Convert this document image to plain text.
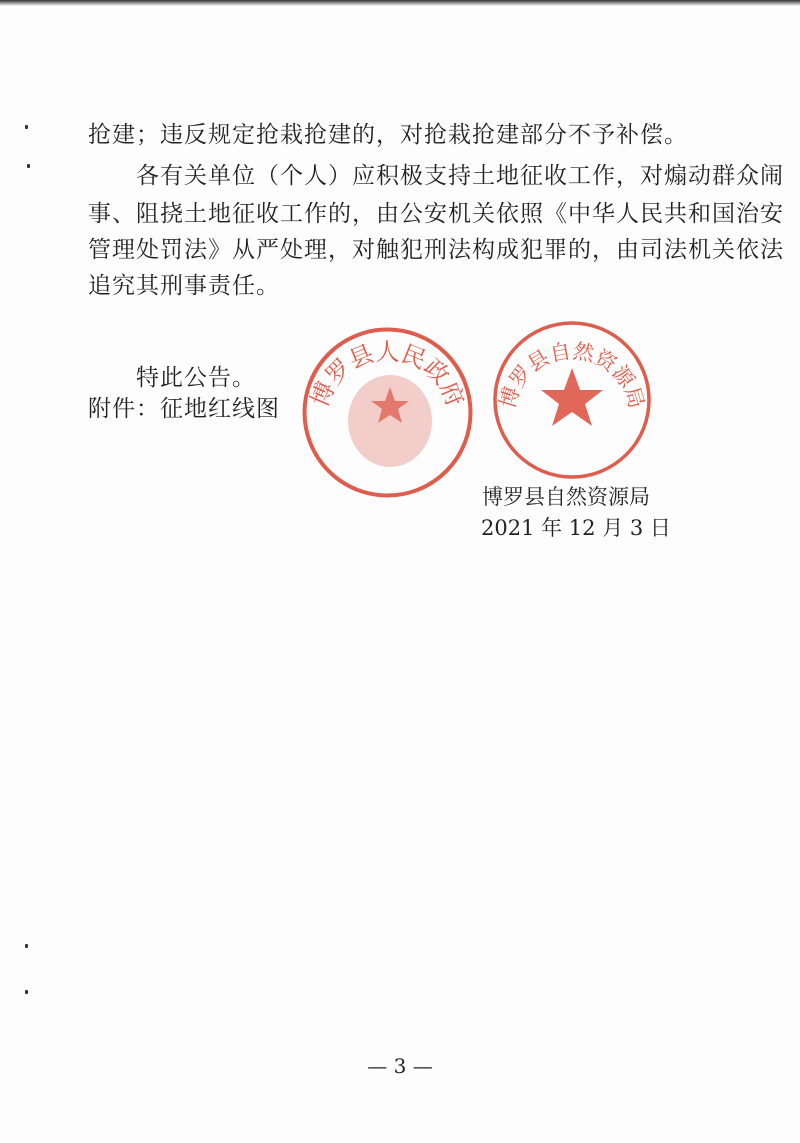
抢建；违反规定抢栽抢建的，对抢栽抢建部分不予补偿。
各有关单位（个人）应积极支持土地征收工作，对煽动群众闹
事、阻挠土地征收工作的，由公安机关依照《中华人民共和国治安
管理处罚法》从严处理，对触犯刑法构成犯罪的，由司法机关依法
追究其刑事责任。
特此公告。
附件：征地红线图 博罗县人民政府 博罗县自然资源局
博罗县自然资源局
2021 年 12 月 3 日
— 3 —
